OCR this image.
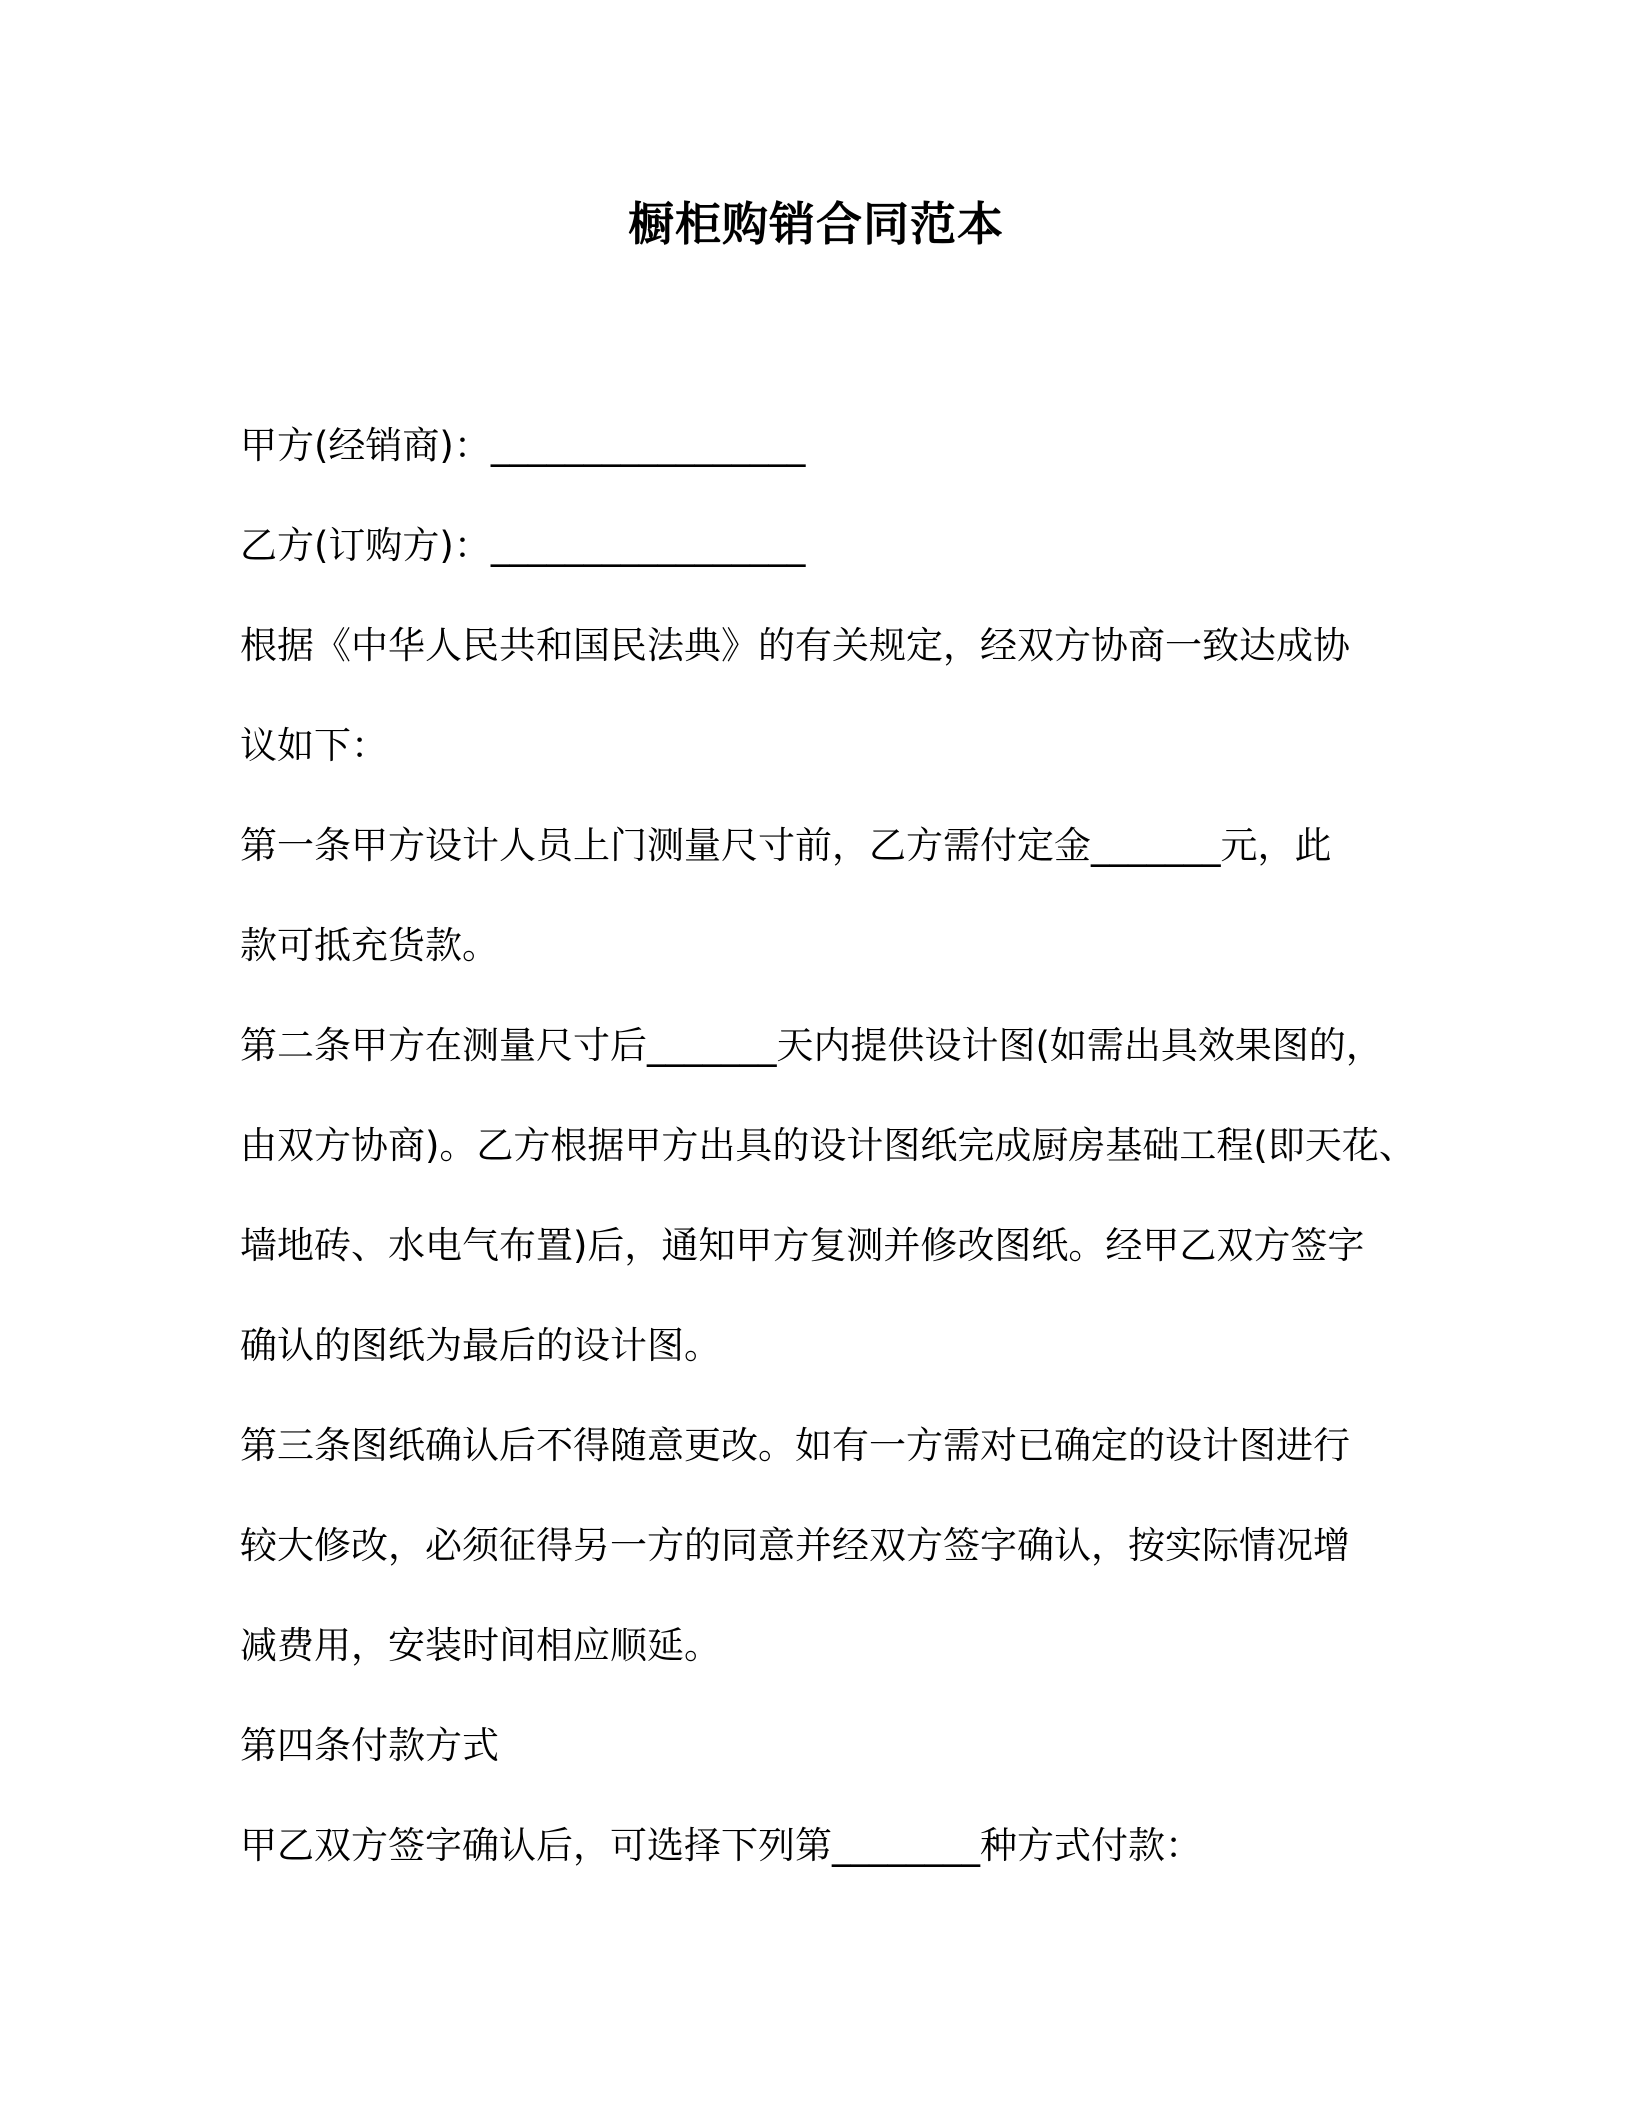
橱柜购销合同范本
甲方(经销商)：_________________
乙方(订购方)：_________________
根据《中华人民共和国民法典》的有关规定，经双方协商一致达成协
议如下：
第一条甲方设计人员上门测量尺寸前，乙方需付定金_______元，此
款可抵充货款。
第二条甲方在测量尺寸后_______天内提供设计图(如需出具效果图的，
由双方协商)。乙方根据甲方出具的设计图纸完成厨房基础工程(即天花、
墙地砖、水电气布置)后，通知甲方复测并修改图纸。经甲乙双方签字
确认的图纸为最后的设计图。
第三条图纸确认后不得随意更改。如有一方需对已确定的设计图进行
较大修改，必须征得另一方的同意并经双方签字确认，按实际情况增
减费用，安装时间相应顺延。
第四条付款方式
甲乙双方签字确认后，可选择下列第________种方式付款：
